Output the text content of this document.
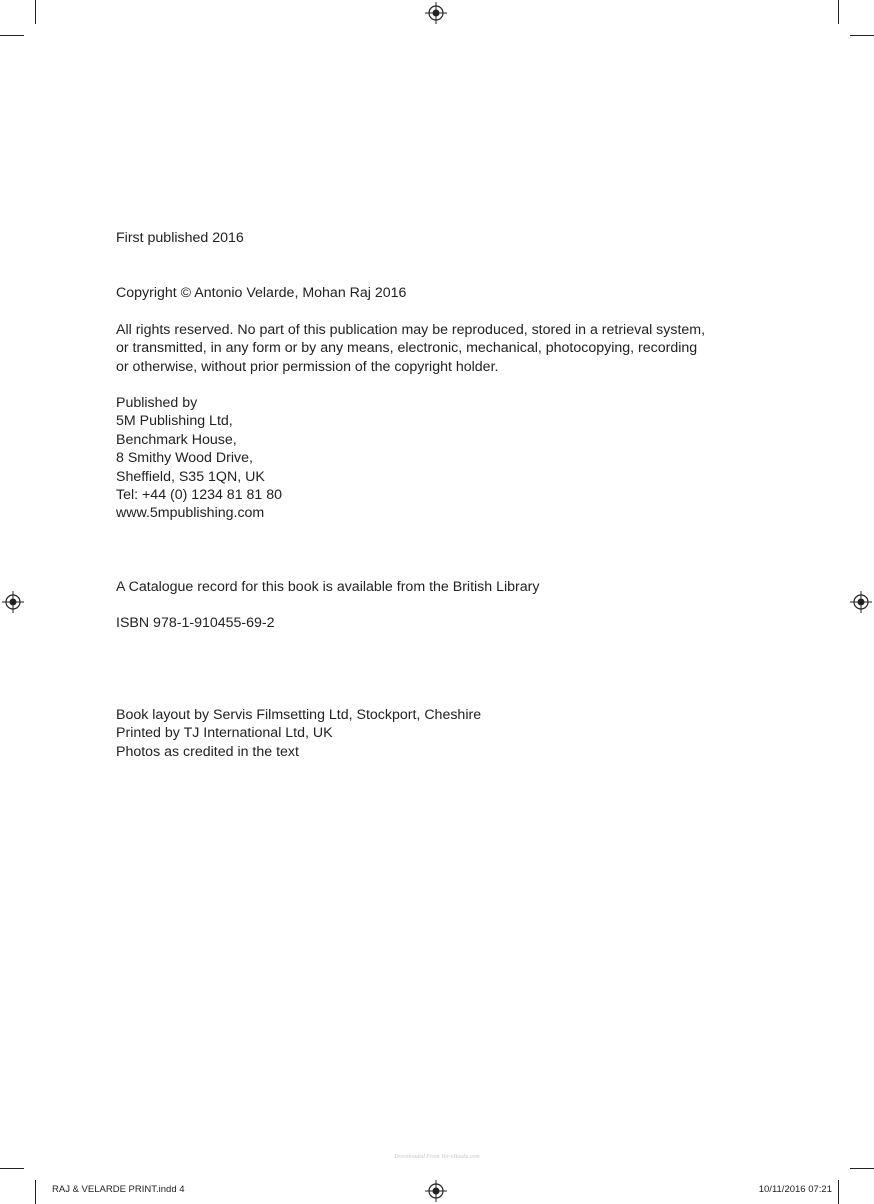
First published 2016
Copyright © Antonio Velarde, Mohan Raj 2016
All rights reserved. No part of this publication may be reproduced, stored in a retrieval system,
or transmitted, in any form or by any means, electronic, mechanical, photocopying, recording
or otherwise, without prior permission of the copyright holder.
Published by
5M Publishing Ltd,
Benchmark House,
8 Smithy Wood Drive,
Sheffield, S35 1QN, UK
Tel: +44 (0) 1234 81 81 80
www.5mpublishing.com
A Catalogue record for this book is available from the British Library
ISBN 978-1-910455-69-2
Book layout by Servis Filmsetting Ltd, Stockport, Cheshire
Printed by TJ International Ltd, UK
Photos as credited in the text
Downloaded From Ver-eBooks.com
RAJ & VELARDE PRINT.indd 4	10/11/2016 07:21
